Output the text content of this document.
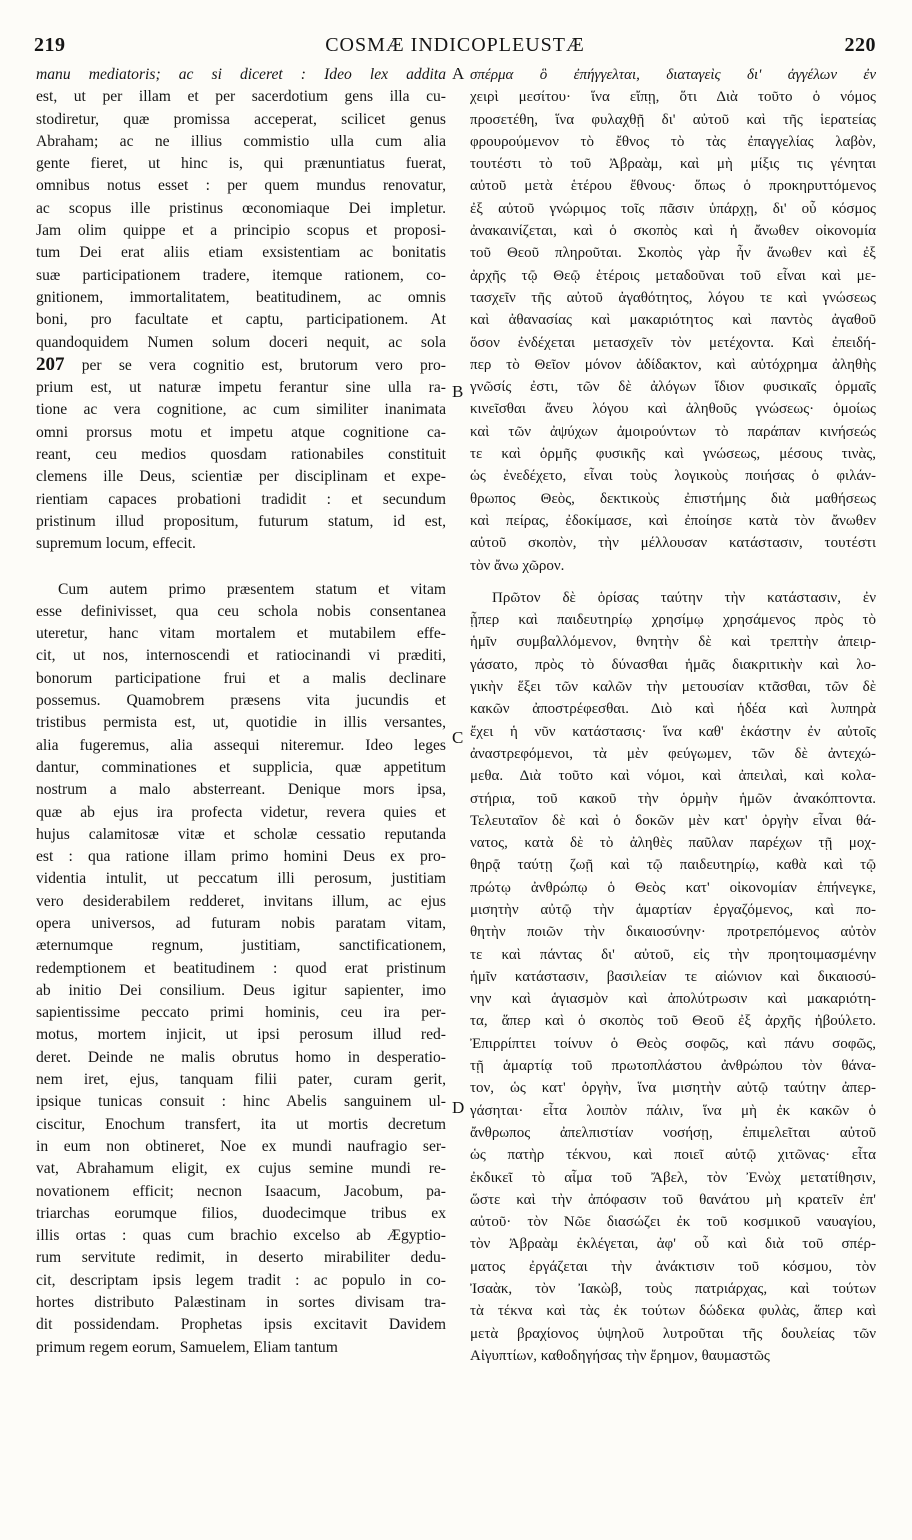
219	COSMÆ INDICOPLEUSTÆ	220
manu mediatoris; ac si diceret : Ideo lex addita
est, ut per illam et per sacerdotium gens illa cu-
stodiretur, quæ promissa acceperat, scilicet genus
Abraham; ac ne illius commistio ulla cum alia
gente fieret, ut hinc is, qui prænuntiatus fuerat,
omnibus notus esset : per quem mundus renovatur,
ac scopus ille pristinus œconomiaque Dei impletur.
Jam olim quippe et a principio scopus et proposi-
tum Dei erat aliis etiam exsistentiam ac bonitatis
suæ participationem tradere, itemque rationem, co-
gnitionem, immortalitatem, beatitudinem, ac omnis
boni, pro facultate et captu, participationem. At
quandoquidem Numen solum doceri nequit, ac sola
207 per se vera cognitio est, brutorum vero pro-
prium est, ut naturæ impetu ferantur sine ulla ra-
tione ac vera cognitione, ac cum similiter inanimata
omni prorsus motu et impetu atque cognitione ca-
reant, ceu medios quosdam rationabiles constituit
clemens ille Deus, scientiæ per disciplinam et expe-
rientiam capaces probationi tradidit : et secundum
pristinum illud propositum, futurum statum, id est,
supremum locum, effecit.
Cum autem primo præsentem statum et vitam
esse definivisset, qua ceu schola nobis consentanea
uteretur, hanc vitam mortalem et mutabilem effe-
cit, ut nos, internoscendi et ratiocinandi vi præditi,
bonorum participatione frui et a malis declinare
possemus. Quamobrem præsens vita jucundis et
tristibus permista est, ut, quotidie in illis versantes,
alia fugeremus, alia assequi niteremur. Ideo leges
dantur, comminationes et supplicia, quæ appetitum
nostrum a malo absterreant. Denique mors ipsa,
quæ ab ejus ira profecta videtur, revera quies et
hujus calamitosæ vitæ et scholæ cessatio reputanda
est : qua ratione illam primo homini Deus ex pro-
videntia intulit, ut peccatum illi perosum, justitiam
vero desiderabilem redderet, invitans illum, ac ejus
opera universos, ad futuram nobis paratam vitam,
æternumque regnum, justitiam, sanctificationem,
redemptionem et beatitudinem : quod erat pristinum
ab initio Dei consilium. Deus igitur sapienter, imo
sapientissime peccato primi hominis, ceu ira per-
motus, mortem injicit, ut ipsi perosum illud red-
deret. Deinde ne malis obrutus homo in desperatio-
nem iret, ejus, tanquam filii pater, curam gerit,
ipsique tunicas consuit : hinc Abelis sanguinem ul-
ciscitur, Enochum transfert, ita ut mortis decretum
in eum non obtineret, Noe ex mundi naufragio ser-
vat, Abrahamum eligit, ex cujus semine mundi re-
novationem efficit; necnon Isaacum, Jacobum, pa-
triarchas eorumque filios, duodecimque tribus ex
illis ortas : quas cum brachio excelso ab Ægyptio-
rum servitute redimit, in deserto mirabiliter dedu-
cit, descriptam ipsis legem tradit : ac populo in co-
hortes distributo Palæstinam in sortes divisam tra-
dit possidendam. Prophetas ipsis excitavit Davidem
primum regem eorum, Samuelem, Eliam tantum
A
B
C
D
σπέρμα ὃ ἐπήγγελται, διαταγεὶς δι' ἀγγέλων ἐν
χειρὶ μεσίτου· ἵνα εἴπῃ, ὅτι Διὰ τοῦτο ὁ νόμος
προσετέθη, ἵνα φυλαχθῇ δι' αὐτοῦ καὶ τῆς ἱερατείας
φρουρούμενον τὸ ἔθνος τὸ τὰς ἐπαγγελίας λαβὸν,
τουτέστι τὸ τοῦ Ἀβραὰμ, καὶ μὴ μίξις τις γένηται
αὐτοῦ μετὰ ἑτέρου ἔθνους· ὅπως ὁ προκηρυττόμενος
ἐξ αὐτοῦ γνώριμος τοῖς πᾶσιν ὑπάρχῃ, δι' οὗ κόσμος
ἀνακαινίζεται, καὶ ὁ σκοπὸς καὶ ἡ ἄνωθεν οἰκονομία
τοῦ Θεοῦ πληροῦται. Σκοπὸς γὰρ ἦν ἄνωθεν καὶ ἐξ
ἀρχῆς τῷ Θεῷ ἑτέροις μεταδοῦναι τοῦ εἶναι καὶ με-
τασχεῖν τῆς αὐτοῦ ἀγαθότητος, λόγου τε καὶ γνώσεως
καὶ ἀθανασίας καὶ μακαριότητος καὶ παντὸς ἀγαθοῦ
ὅσον ἐνδέχεται μετασχεῖν τὸν μετέχοντα. Καὶ ἐπειδή-
περ τὸ Θεῖον μόνον ἀδίδακτον, καὶ αὐτόχρημα ἀληθὴς
γνῶσίς ἐστι, τῶν δὲ ἀλόγων ἴδιον φυσικαῖς ὁρμαῖς
κινεῖσθαι ἄνευ λόγου καὶ ἀληθοῦς γνώσεως· ὁμοίως
καὶ τῶν ἀψύχων ἀμοιρούντων τὸ παράπαν κινήσεώς
τε καὶ ὁρμῆς φυσικῆς καὶ γνώσεως, μέσους τινὰς,
ὡς ἐνεδέχετο, εἶναι τοὺς λογικοὺς ποιήσας ὁ φιλάν-
θρωπος Θεὸς, δεκτικοὺς ἐπιστήμης διὰ μαθήσεως
καὶ πείρας, ἐδοκίμασε, καὶ ἐποίησε κατὰ τὸν ἄνωθεν
αὐτοῦ σκοπὸν, τὴν μέλλουσαν κατάστασιν, τουτέστι
τὸν ἄνω χῶρον.
Πρῶτον δὲ ὁρίσας ταύτην τὴν κατάστασιν, ἐν
ᾗπερ καὶ παιδευτηρίῳ χρησίμῳ χρησάμενος πρὸς τὸ
ἡμῖν συμβαλλόμενον, θνητὴν δὲ καὶ τρεπτὴν ἀπειρ-
γάσατο, πρὸς τὸ δύνασθαι ἡμᾶς διακριτικὴν καὶ λο-
γικὴν ἕξει τῶν καλῶν τὴν μετουσίαν κτᾶσθαι, τῶν δὲ
κακῶν ἀποστρέφεσθαι. Διὸ καὶ ἡδέα καὶ λυπηρὰ
ἔχει ἡ νῦν κατάστασις· ἵνα καθ' ἑκάστην ἐν αὐτοῖς
ἀναστρεφόμενοι, τὰ μὲν φεύγωμεν, τῶν δὲ ἀντεχώ-
μεθα. Διὰ τοῦτο καὶ νόμοι, καὶ ἀπειλαὶ, καὶ κολα-
στήρια, τοῦ κακοῦ τὴν ὁρμὴν ἡμῶν ἀνακόπτοντα.
Τελευταῖον δὲ καὶ ὁ δοκῶν μὲν κατ' ὀργὴν εἶναι θά-
νατος, κατὰ δὲ τὸ ἀληθὲς παῦλαν παρέχων τῇ μοχ-
θηρᾷ ταύτῃ ζωῇ καὶ τῷ παιδευτηρίῳ, καθὰ καὶ τῷ
πρώτῳ ἀνθρώπῳ ὁ Θεὸς κατ' οἰκονομίαν ἐπήνεγκε,
μισητὴν αὐτῷ τὴν ἁμαρτίαν ἐργαζόμενος, καὶ πο-
θητὴν ποιῶν τὴν δικαιοσύνην· προτρεπόμενος αὐτὸν
τε καὶ πάντας δι' αὐτοῦ, εἰς τὴν προητοιμασμένην
ἡμῖν κατάστασιν, βασιλείαν τε αἰώνιον καὶ δικαιοσύ-
νην καὶ ἁγιασμὸν καὶ ἀπολύτρωσιν καὶ μακαριότη-
τα, ἅπερ καὶ ὁ σκοπὸς τοῦ Θεοῦ ἐξ ἀρχῆς ἠβούλετο.
Ἐπιρρίπτει τοίνυν ὁ Θεὸς σοφῶς, καὶ πάνυ σοφῶς,
τῇ ἁμαρτίᾳ τοῦ πρωτοπλάστου ἀνθρώπου τὸν θάνα-
τον, ὡς κατ' ὀργὴν, ἵνα μισητὴν αὐτῷ ταύτην ἀπερ-
γάσηται· εἶτα λοιπὸν πάλιν, ἵνα μὴ ἐκ κακῶν ὁ
ἄνθρωπος ἀπελπιστίαν νοσήσῃ, ἐπιμελεῖται αὐτοῦ
ὡς πατὴρ τέκνου, καὶ ποιεῖ αὐτῷ χιτῶνας· εἶτα
ἐκδικεῖ τὸ αἷμα τοῦ Ἄβελ, τὸν Ἐνὼχ μετατίθησιν,
ὥστε καὶ τὴν ἀπόφασιν τοῦ θανάτου μὴ κρατεῖν ἐπ'
αὐτοῦ· τὸν Νῶε διασώζει ἐκ τοῦ κοσμικοῦ ναυαγίου,
τὸν Ἀβραὰμ ἐκλέγεται, ἀφ' οὗ καὶ διὰ τοῦ σπέρ-
ματος ἐργάζεται τὴν ἀνάκτισιν τοῦ κόσμου, τὸν
Ἰσαὰκ, τὸν Ἰακὼβ, τοὺς πατριάρχας, καὶ τούτων
τὰ τέκνα καὶ τὰς ἐκ τούτων δώδεκα φυλὰς, ἅπερ καὶ
μετὰ βραχίονος ὑψηλοῦ λυτροῦται τῆς δουλείας τῶν
Αἰγυπτίων, καθοδηγήσας τὴν ἔρημον, θαυμαστῶς
